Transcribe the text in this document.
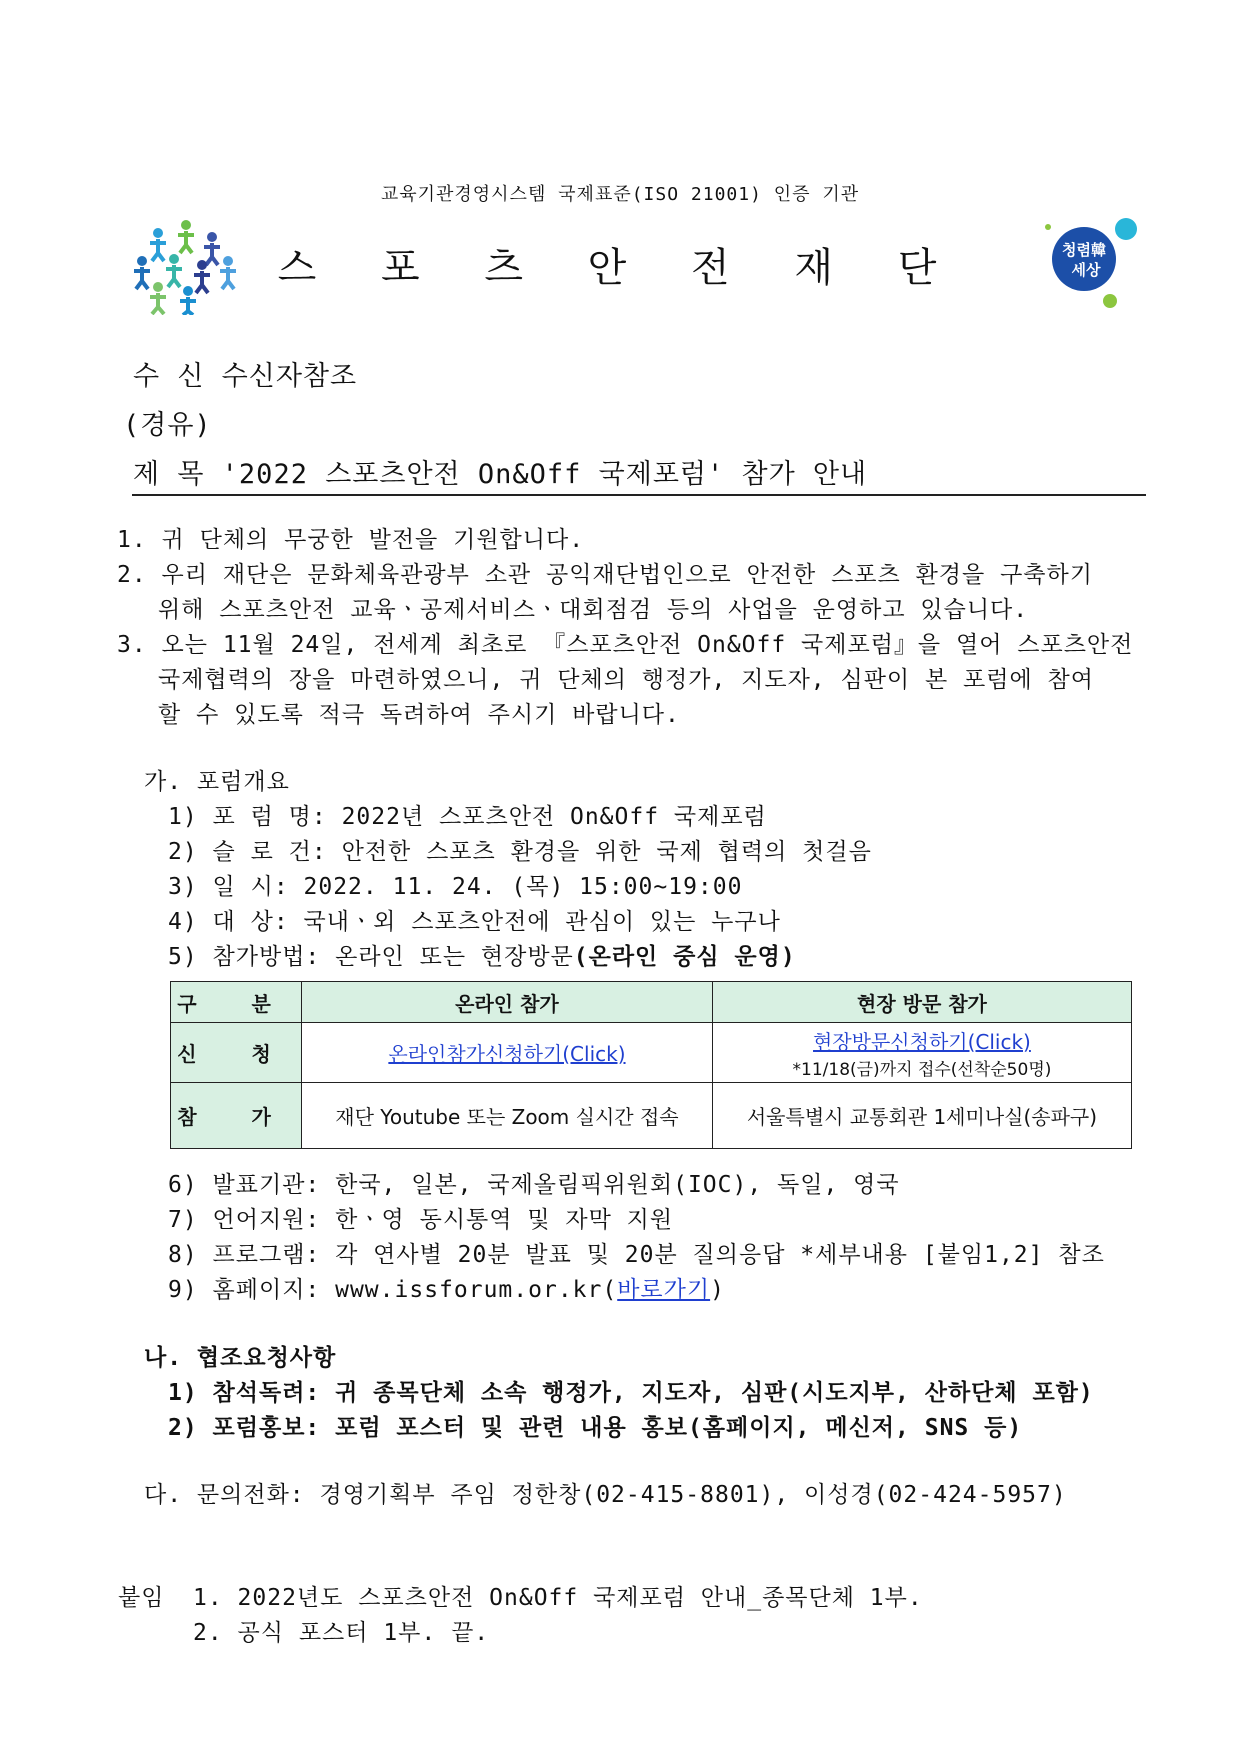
교육기관경영시스템 국제표준(ISO 21001) 인증 기관
스 포 츠 안 전 재 단	청렴韓
세상
수 신 수신자참조
(경유)
제 목 '2022 스포츠안전 On&Off 국제포럼' 참가 안내
1. 귀 단체의 무궁한 발전을 기원합니다.
2. 우리 재단은 문화체육관광부 소관 공익재단법인으로 안전한 스포츠 환경을 구축하기
위해 스포츠안전 교육ㆍ공제서비스ㆍ대회점검 등의 사업을 운영하고 있습니다.
3. 오는 11월 24일, 전세계 최초로 『스포츠안전 On&Off 국제포럼』을 열어 스포츠안전
국제협력의 장을 마련하였으니, 귀 단체의 행정가, 지도자, 심판이 본 포럼에 참여
할 수 있도록 적극 독려하여 주시기 바랍니다.
가. 포럼개요
1) 포 럼 명: 2022년 스포츠안전 On&Off 국제포럼
2) 슬 로 건: 안전한 스포츠 환경을 위한 국제 협력의 첫걸음
3) 일 시: 2022. 11. 24. (목) 15:00~19:00
4) 대 상: 국내ㆍ외 스포츠안전에 관심이 있는 누구나
5) 참가방법: 온라인 또는 현장방문(온라인 중심 운영)
구 분	온라인 참가	현장 방문 참가
신 청	온라인참가신청하기(Click)	현장방문신청하기(Click)
*11/18(금)까지 접수(선착순50명)
참 가	재단 Youtube 또는 Zoom 실시간 접속	서울특별시 교통회관 1세미나실(송파구)
6) 발표기관: 한국, 일본, 국제올림픽위원회(IOC), 독일, 영국
7) 언어지원: 한ㆍ영 동시통역 및 자막 지원
8) 프로그램: 각 연사별 20분 발표 및 20분 질의응답 *세부내용 [붙임1,2] 참조
9) 홈페이지: www.issforum.or.kr(바로가기)
나. 협조요청사항
1) 참석독려: 귀 종목단체 소속 행정가, 지도자, 심판(시도지부, 산하단체 포함)
2) 포럼홍보: 포럼 포스터 및 관련 내용 홍보(홈페이지, 메신저, SNS 등)
다. 문의전화: 경영기획부 주임 정한창(02-415-8801), 이성경(02-424-5957)
붙임 1. 2022년도 스포츠안전 On&Off 국제포럼 안내_종목단체 1부.
2. 공식 포스터 1부. 끝.
